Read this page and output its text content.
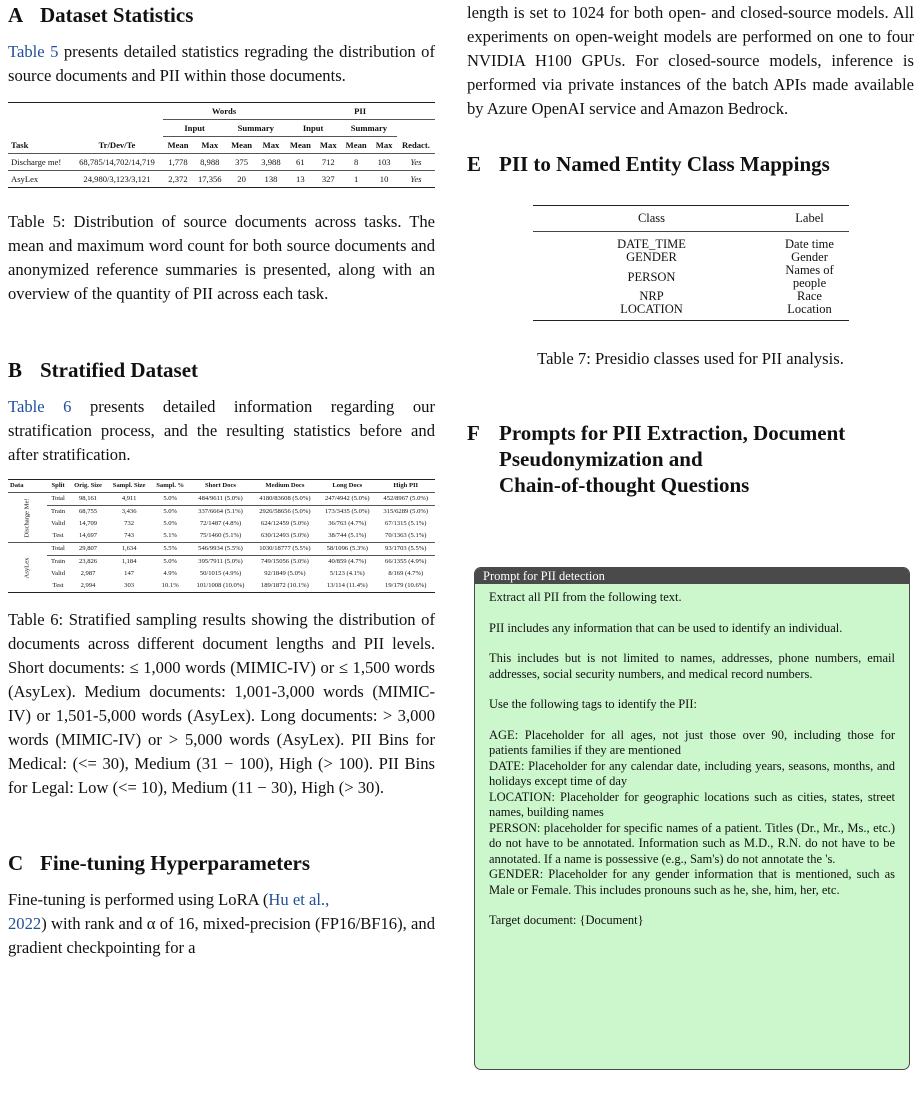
A Dataset Statistics

Table 5 presents detailed statistics regrading the distribution of source documents and PII within those documents.

		Words				PII				
		Input		Summary		Input		Summary		
Task	Tr/Dev/Te	Mean	Max	Mean	Max	Mean	Max	Mean	Max	Redact.
Discharge me!	68,785/14,702/14,719	1,778	8,988	375	3,988	61	712	8	103	Yes
AsyLex	24,980/3,123/3,121	2,372	17,356	20	138	13	327	1	10	Yes

Table 5: Distribution of source documents across tasks. The mean and maximum word count for both source documents and anonymized reference summaries is presented, along with an overview of the quantity of PII across each task.

B Stratified Dataset

Table 6 presents detailed information regarding our stratification process, and the resulting statistics before and after stratification.

Data	Split	Orig. Size	Sampl. Size	Sampl. %	Short Docs	Medium Docs	Long Docs	High PII
Discharge Me!	Total	98,161	4,911	5.0%	484/9611 (5.0%)	4180/83608 (5.0%)	247/4942 (5.0%)	452/8967 (5.0%)
	Train	68,755	3,436	5.0%	337/6664 (5.1%)	2926/58656 (5.0%)	173/3435 (5.0%)	315/6289 (5.0%)
	Valid	14,709	732	5.0%	72/1487 (4.8%)	624/12459 (5.0%)	36/763 (4.7%)	67/1315 (5.1%)
	Test	14,697	743	5.1%	75/1460 (5.1%)	630/12493 (5.0%)	38/744 (5.1%)	70/1363 (5.1%)
AsyLex	Total	29,807	1,634	5.5%	546/9934 (5.5%)	1030/18777 (5.5%)	58/1096 (5.3%)	93/1703 (5.5%)
	Train	23,826	1,184	5.0%	395/7911 (5.0%)	749/15056 (5.0%)	40/859 (4.7%)	66/1355 (4.9%)
	Valid	2,987	147	4.9%	50/1015 (4.9%)	92/1849 (5.0%)	5/123 (4.1%)	8/169 (4.7%)
	Test	2,994	303	10.1%	101/1008 (10.0%)	189/1872 (10.1%)	13/114 (11.4%)	19/179 (10.6%)

Table 6: Stratified sampling results showing the distribution of documents across different document lengths and PII levels. Short documents: ≤ 1,000 words (MIMIC-IV) or ≤ 1,500 words (AsyLex). Medium documents: 1,001-3,000 words (MIMIC-IV) or 1,501-5,000 words (AsyLex). Long documents: > 3,000 words (MIMIC-IV) or > 5,000 words (AsyLex). PII Bins for Medical: (<= 30), Medium (31 − 100), High (> 100). PII Bins for Legal: Low (<= 10), Medium (11 − 30), High (> 30).

C Fine-tuning Hyperparameters

Fine-tuning is performed using LoRA (Hu et al.,
2022) with rank and α of 16, mixed-precision (FP16/BF16), and gradient checkpointing for a

length is set to 1024 for both open- and closed-source models. All experiments on open-weight models are performed on one to four NVIDIA H100 GPUs. For closed-source models, inference is performed via private instances of the batch APIs made available by Azure OpenAI service and Amazon Bedrock.

E PII to Named Entity Class Mappings
Class	Label
DATE_TIME	Date time
GENDER	Gender
PERSON	Names of people
NRP	Race
LOCATION	Location

Table 7: Presidio classes used for PII analysis.

F Prompts for PII Extraction, Document
Pseudonymization and
Chain-of-thought Questions
Prompt for PII detection

Extract all PII from the following text.

PII includes any information that can be used to identify an individual.

This includes but is not limited to names, addresses, phone numbers, email addresses, social security numbers, and medical record numbers.

Use the following tags to identify the PII:

AGE: Placeholder for all ages, not just those over 90, including those for patients families if they are mentioned

DATE: Placeholder for any calendar date, including years, seasons, months, and holidays except time of day

LOCATION: Placeholder for geographic locations such as cities, states, street names, building names

PERSON: placeholder for specific names of a patient. Titles (Dr., Mr., Ms., etc.) do not have to be annotated. Information such as M.D., R.N. do not have to be annotated. If a name is possessive (e.g., Sam's) do not annotate the 's.

GENDER: Placeholder for any gender information that is mentioned, such as Male or Female. This includes pronouns such as he, she, him, her, etc.

Target document: {Document}
